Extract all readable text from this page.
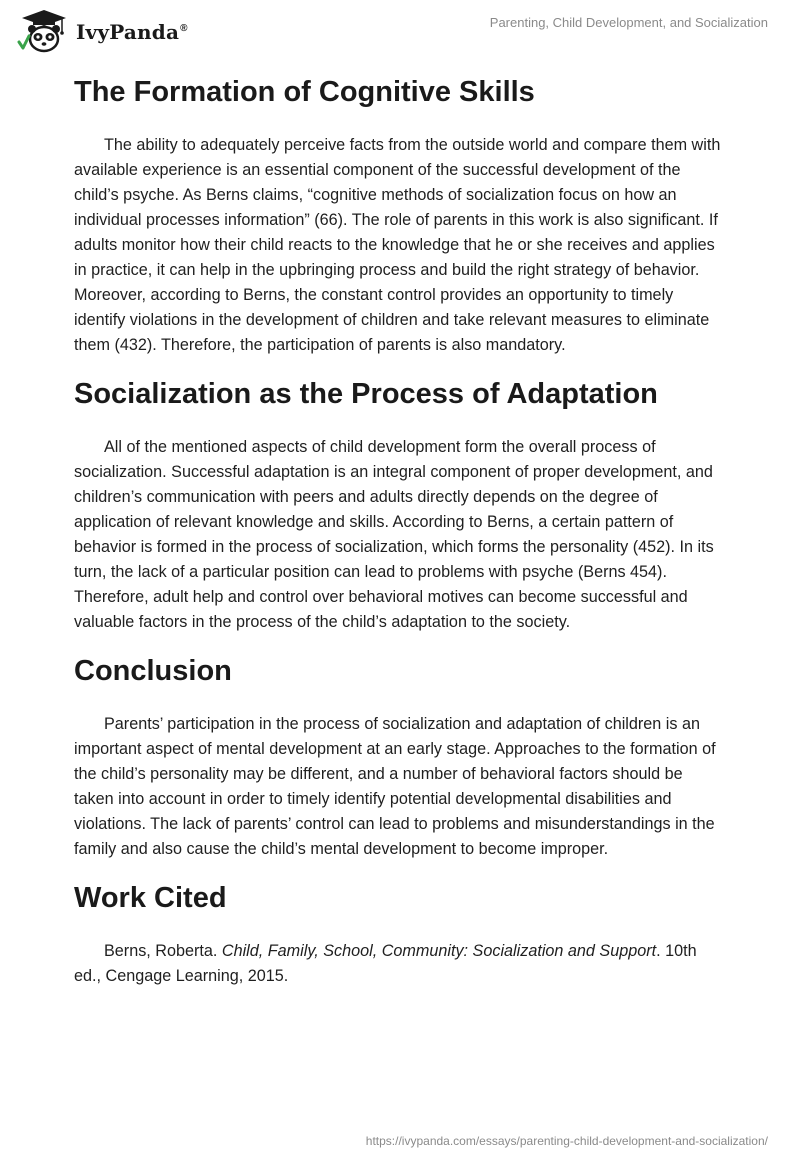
IvyPanda®	Parenting, Child Development, and Socialization
The Formation of Cognitive Skills

The ability to adequately perceive facts from the outside world and compare them with available experience is an essential component of the successful development of the child’s psyche. As Berns claims, “cognitive methods of socialization focus on how an individual processes information” (66). The role of parents in this work is also significant. If adults monitor how their child reacts to the knowledge that he or she receives and applies in practice, it can help in the upbringing process and build the right strategy of behavior. Moreover, according to Berns, the constant control provides an opportunity to timely identify violations in the development of children and take relevant measures to eliminate them (432). Therefore, the participation of parents is also mandatory.

Socialization as the Process of Adaptation

All of the mentioned aspects of child development form the overall process of socialization. Successful adaptation is an integral component of proper development, and children’s communication with peers and adults directly depends on the degree of application of relevant knowledge and skills. According to Berns, a certain pattern of behavior is formed in the process of socialization, which forms the personality (452). In its turn, the lack of a particular position can lead to problems with psyche (Berns 454). Therefore, adult help and control over behavioral motives can become successful and valuable factors in the process of the child’s adaptation to the society.

Conclusion

Parents’ participation in the process of socialization and adaptation of children is an important aspect of mental development at an early stage. Approaches to the formation of the child’s personality may be different, and a number of behavioral factors should be taken into account in order to timely identify potential developmental disabilities and violations. The lack of parents’ control can lead to problems and misunderstandings in the family and also cause the child’s mental development to become improper.

Work Cited

Berns, Roberta. Child, Family, School, Community: Socialization and Support. 10th ed., Cengage Learning, 2015.

https://ivypanda.com/essays/parenting-child-development-and-socialization/
